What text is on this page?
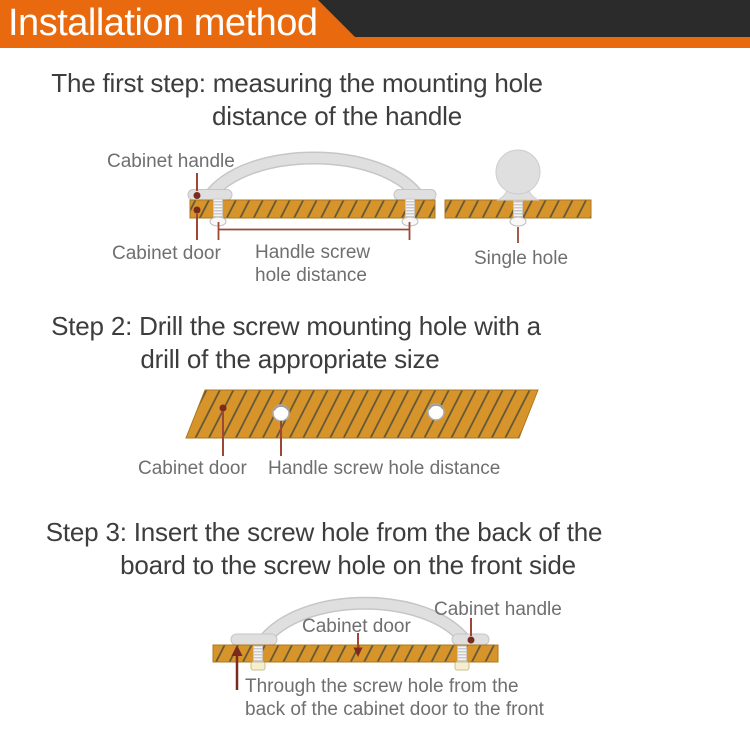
Installation method
The first step: measuring the mounting hole
distance of the handle
Step 2: Drill the screw mounting hole with a
drill of the appropriate size
Step 3: Insert the screw hole from the back of the
board to the screw hole on the front side
Cabinet handle
Cabinet door Handle screw
hole distance
Single hole
Cabinet door Handle screw hole distance
Cabinet handle
Cabinet door
Through the screw hole from the
back of the cabinet door to the front
